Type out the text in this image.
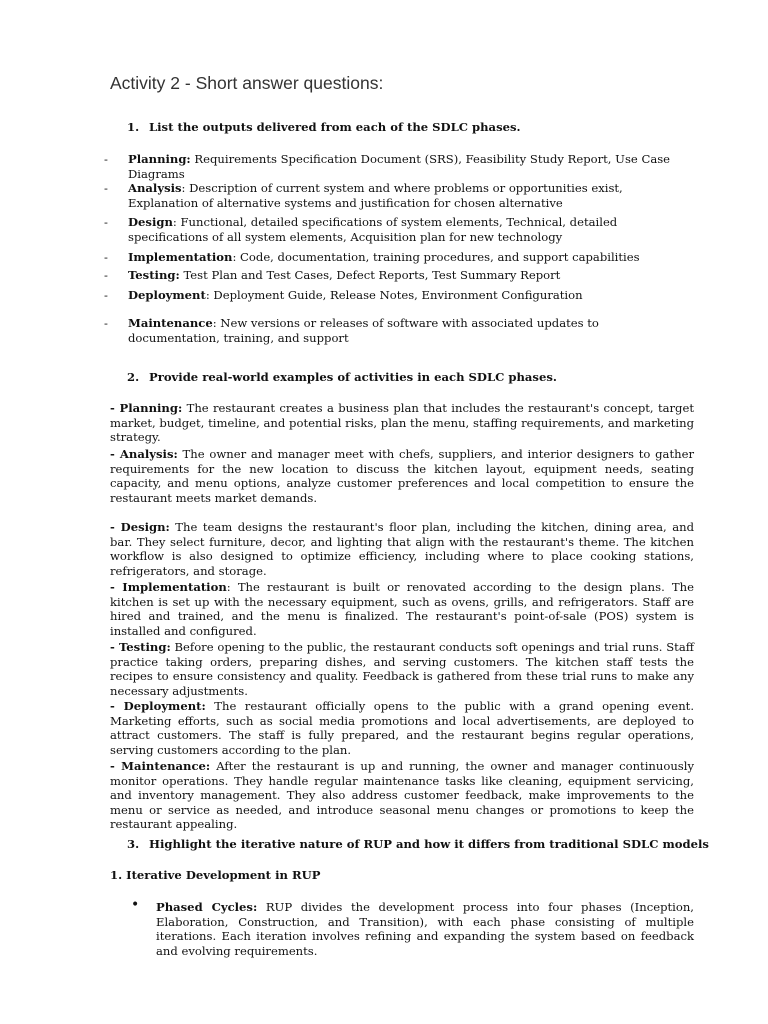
Activity 2 - Short answer questions:
1. List the outputs delivered from each of the SDLC phases.
- Planning: Requirements Specification Document (SRS), Feasibility Study Report, Use Case Diagrams
- Analysis: Description of current system and where problems or opportunities exist, Explanation of alternative systems and justification for chosen alternative
- Design: Functional, detailed specifications of system elements, Technical, detailed specifications of all system elements, Acquisition plan for new technology
- Implementation: Code, documentation, training procedures, and support capabilities
- Testing: Test Plan and Test Cases, Defect Reports, Test Summary Report
- Deployment: Deployment Guide, Release Notes, Environment Configuration
- Maintenance: New versions or releases of software with associated updates to documentation, training, and support
2. Provide real-world examples of activities in each SDLC phases.
- Planning: The restaurant creates a business plan that includes the restaurant's concept, target market, budget, timeline, and potential risks, plan the menu, staffing requirements, and marketing strategy.
- Analysis: The owner and manager meet with chefs, suppliers, and interior designers to gather requirements for the new location to discuss the kitchen layout, equipment needs, seating capacity, and menu options, analyze customer preferences and local competition to ensure the restaurant meets market demands.
- Design: The team designs the restaurant's floor plan, including the kitchen, dining area, and bar. They select furniture, decor, and lighting that align with the restaurant's theme. The kitchen workflow is also designed to optimize efficiency, including where to place cooking stations, refrigerators, and storage.
- Implementation: The restaurant is built or renovated according to the design plans. The kitchen is set up with the necessary equipment, such as ovens, grills, and refrigerators. Staff are hired and trained, and the menu is finalized. The restaurant's point-of-sale (POS) system is installed and configured.
- Testing: Before opening to the public, the restaurant conducts soft openings and trial runs. Staff practice taking orders, preparing dishes, and serving customers. The kitchen staff tests the recipes to ensure consistency and quality. Feedback is gathered from these trial runs to make any necessary adjustments.
- Deployment: The restaurant officially opens to the public with a grand opening event. Marketing efforts, such as social media promotions and local advertisements, are deployed to attract customers. The staff is fully prepared, and the restaurant begins regular operations, serving customers according to the plan.
- Maintenance: After the restaurant is up and running, the owner and manager continuously monitor operations. They handle regular maintenance tasks like cleaning, equipment servicing, and inventory management. They also address customer feedback, make improvements to the menu or service as needed, and introduce seasonal menu changes or promotions to keep the restaurant appealing.
3. Highlight the iterative nature of RUP and how it differs from traditional SDLC models
1. Iterative Development in RUP
• Phased Cycles: RUP divides the development process into four phases (Inception, Elaboration, Construction, and Transition), with each phase consisting of multiple iterations. Each iteration involves refining and expanding the system based on feedback and evolving requirements.
